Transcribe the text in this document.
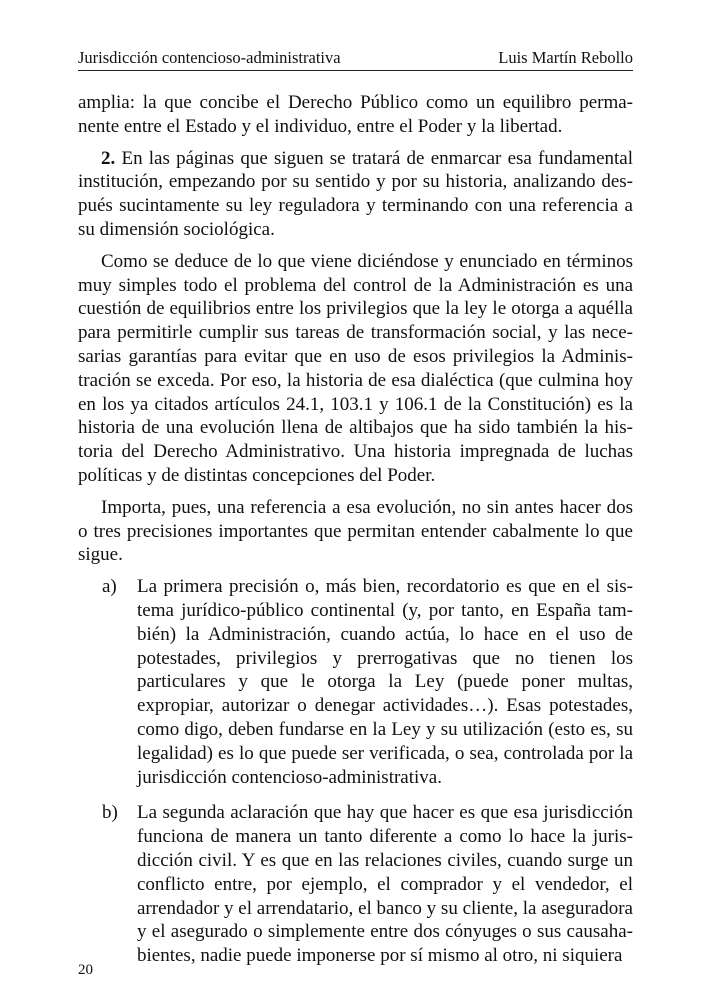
Jurisdicción contencioso-administrativa	Luis Martín Rebollo

amplia: la que concibe el Derecho Público como un equilibro permanente entre el Estado y el individuo, entre el Poder y la libertad.

2. En las páginas que siguen se tratará de enmarcar esa fundamental institución, empezando por su sentido y por su historia, analizando después sucintamente su ley reguladora y terminando con una referencia a su dimensión sociológica.

Como se deduce de lo que viene diciéndose y enunciado en términos muy simples todo el problema del control de la Administración es una cuestión de equilibrios entre los privilegios que la ley le otorga a aquélla para permitirle cumplir sus tareas de transformación social, y las necesarias garantías para evitar que en uso de esos privilegios la Administración se exceda. Por eso, la historia de esa dialéctica (que culmina hoy en los ya citados artículos 24.1, 103.1 y 106.1 de la Constitución) es la historia de una evolución llena de altibajos que ha sido también la historia del Derecho Administrativo. Una historia impregnada de luchas políticas y de distintas concepciones del Poder.

Importa, pues, una referencia a esa evolución, no sin antes hacer dos o tres precisiones importantes que permitan entender cabalmente lo que sigue.

a)	La primera precisión o, más bien, recordatorio es que en el sistema jurídico-público continental (y, por tanto, en España también) la Administración, cuando actúa, lo hace en el uso de potestades, privilegios y prerrogativas que no tienen los particulares y que le otorga la Ley (puede poner multas, expropiar, autorizar o denegar actividades…). Esas potestades, como digo, deben fundarse en la Ley y su utilización (esto es, su legalidad) es lo que puede ser verificada, o sea, controlada por la jurisdicción contencioso-administrativa.
b)	La segunda aclaración que hay que hacer es que esa jurisdicción funciona de manera un tanto diferente a como lo hace la jurisdicción civil. Y es que en las relaciones civiles, cuando surge un conflicto entre, por ejemplo, el comprador y el vendedor, el arrendador y el arrendatario, el banco y su cliente, la aseguradora y el asegurado o simplemente entre dos cónyuges o sus causahabientes, nadie puede imponerse por sí mismo al otro, ni siquiera
20
